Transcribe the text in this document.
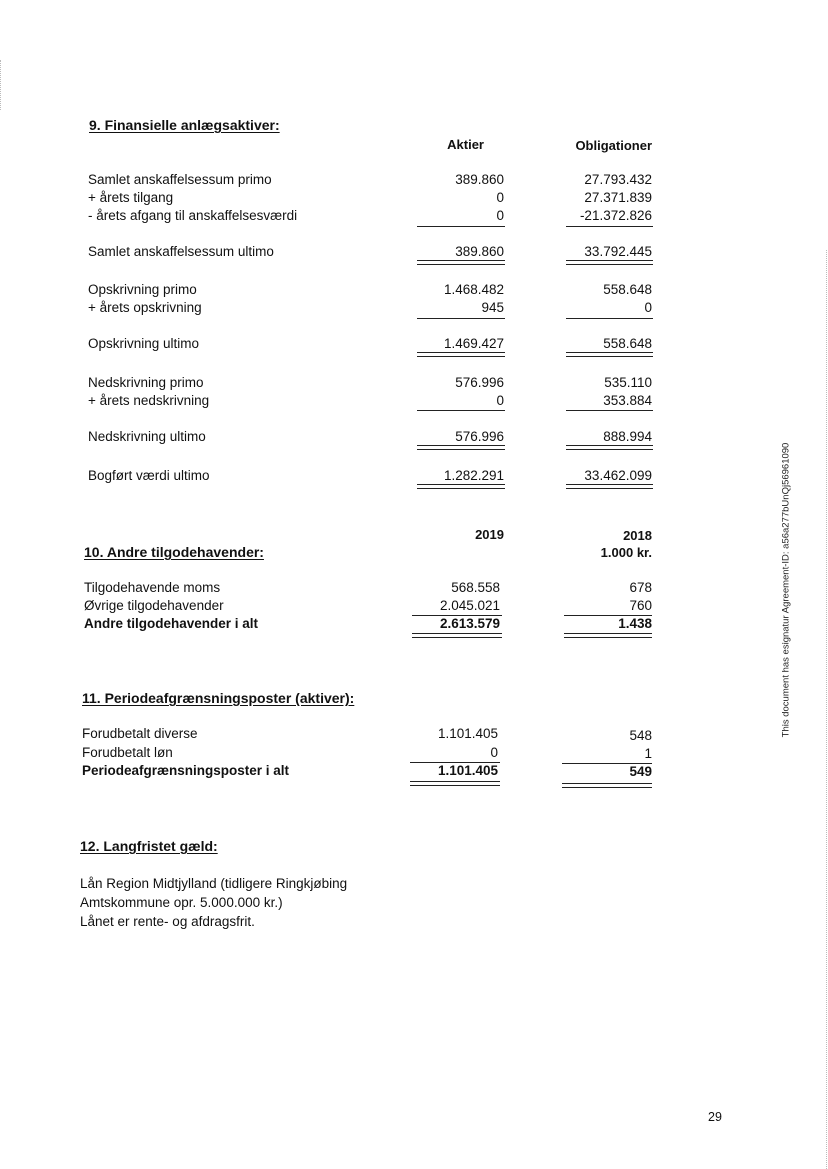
9. Finansielle anlægsaktiver:
Aktier	Obligationer
Samlet anskaffelsessum primo	389.860	27.793.432
+ årets tilgang	0	27.371.839
- årets afgang til anskaffelsesværdi	0	-21.372.826
Samlet anskaffelsessum ultimo	389.860	33.792.445
Opskrivning primo	1.468.482	558.648
+ årets opskrivning	945	0
Opskrivning ultimo	1.469.427	558.648
Nedskrivning primo	576.996	535.110
+ årets nedskrivning	0	353.884
Nedskrivning ultimo	576.996	888.994
Bogført værdi ultimo	1.282.291	33.462.099
2019	2018
1.000 kr.
10. Andre tilgodehavender:
Tilgodehavende moms	568.558	678
Øvrige tilgodehavender	2.045.021	760
Andre tilgodehavender i alt	2.613.579	1.438
11. Periodeafgrænsningsposter (aktiver):
Forudbetalt diverse	1.101.405	548
Forudbetalt løn	0	1
Periodeafgrænsningsposter i alt	1.101.405	549
12. Langfristet gæld:
Lån Region Midtjylland (tidligere Ringkjøbing
Amtskommune opr. 5.000.000 kr.)
Lånet er rente- og afdragsfrit.
This document has esignatur Agreement-ID: a56a277bUnQj56961090
29
